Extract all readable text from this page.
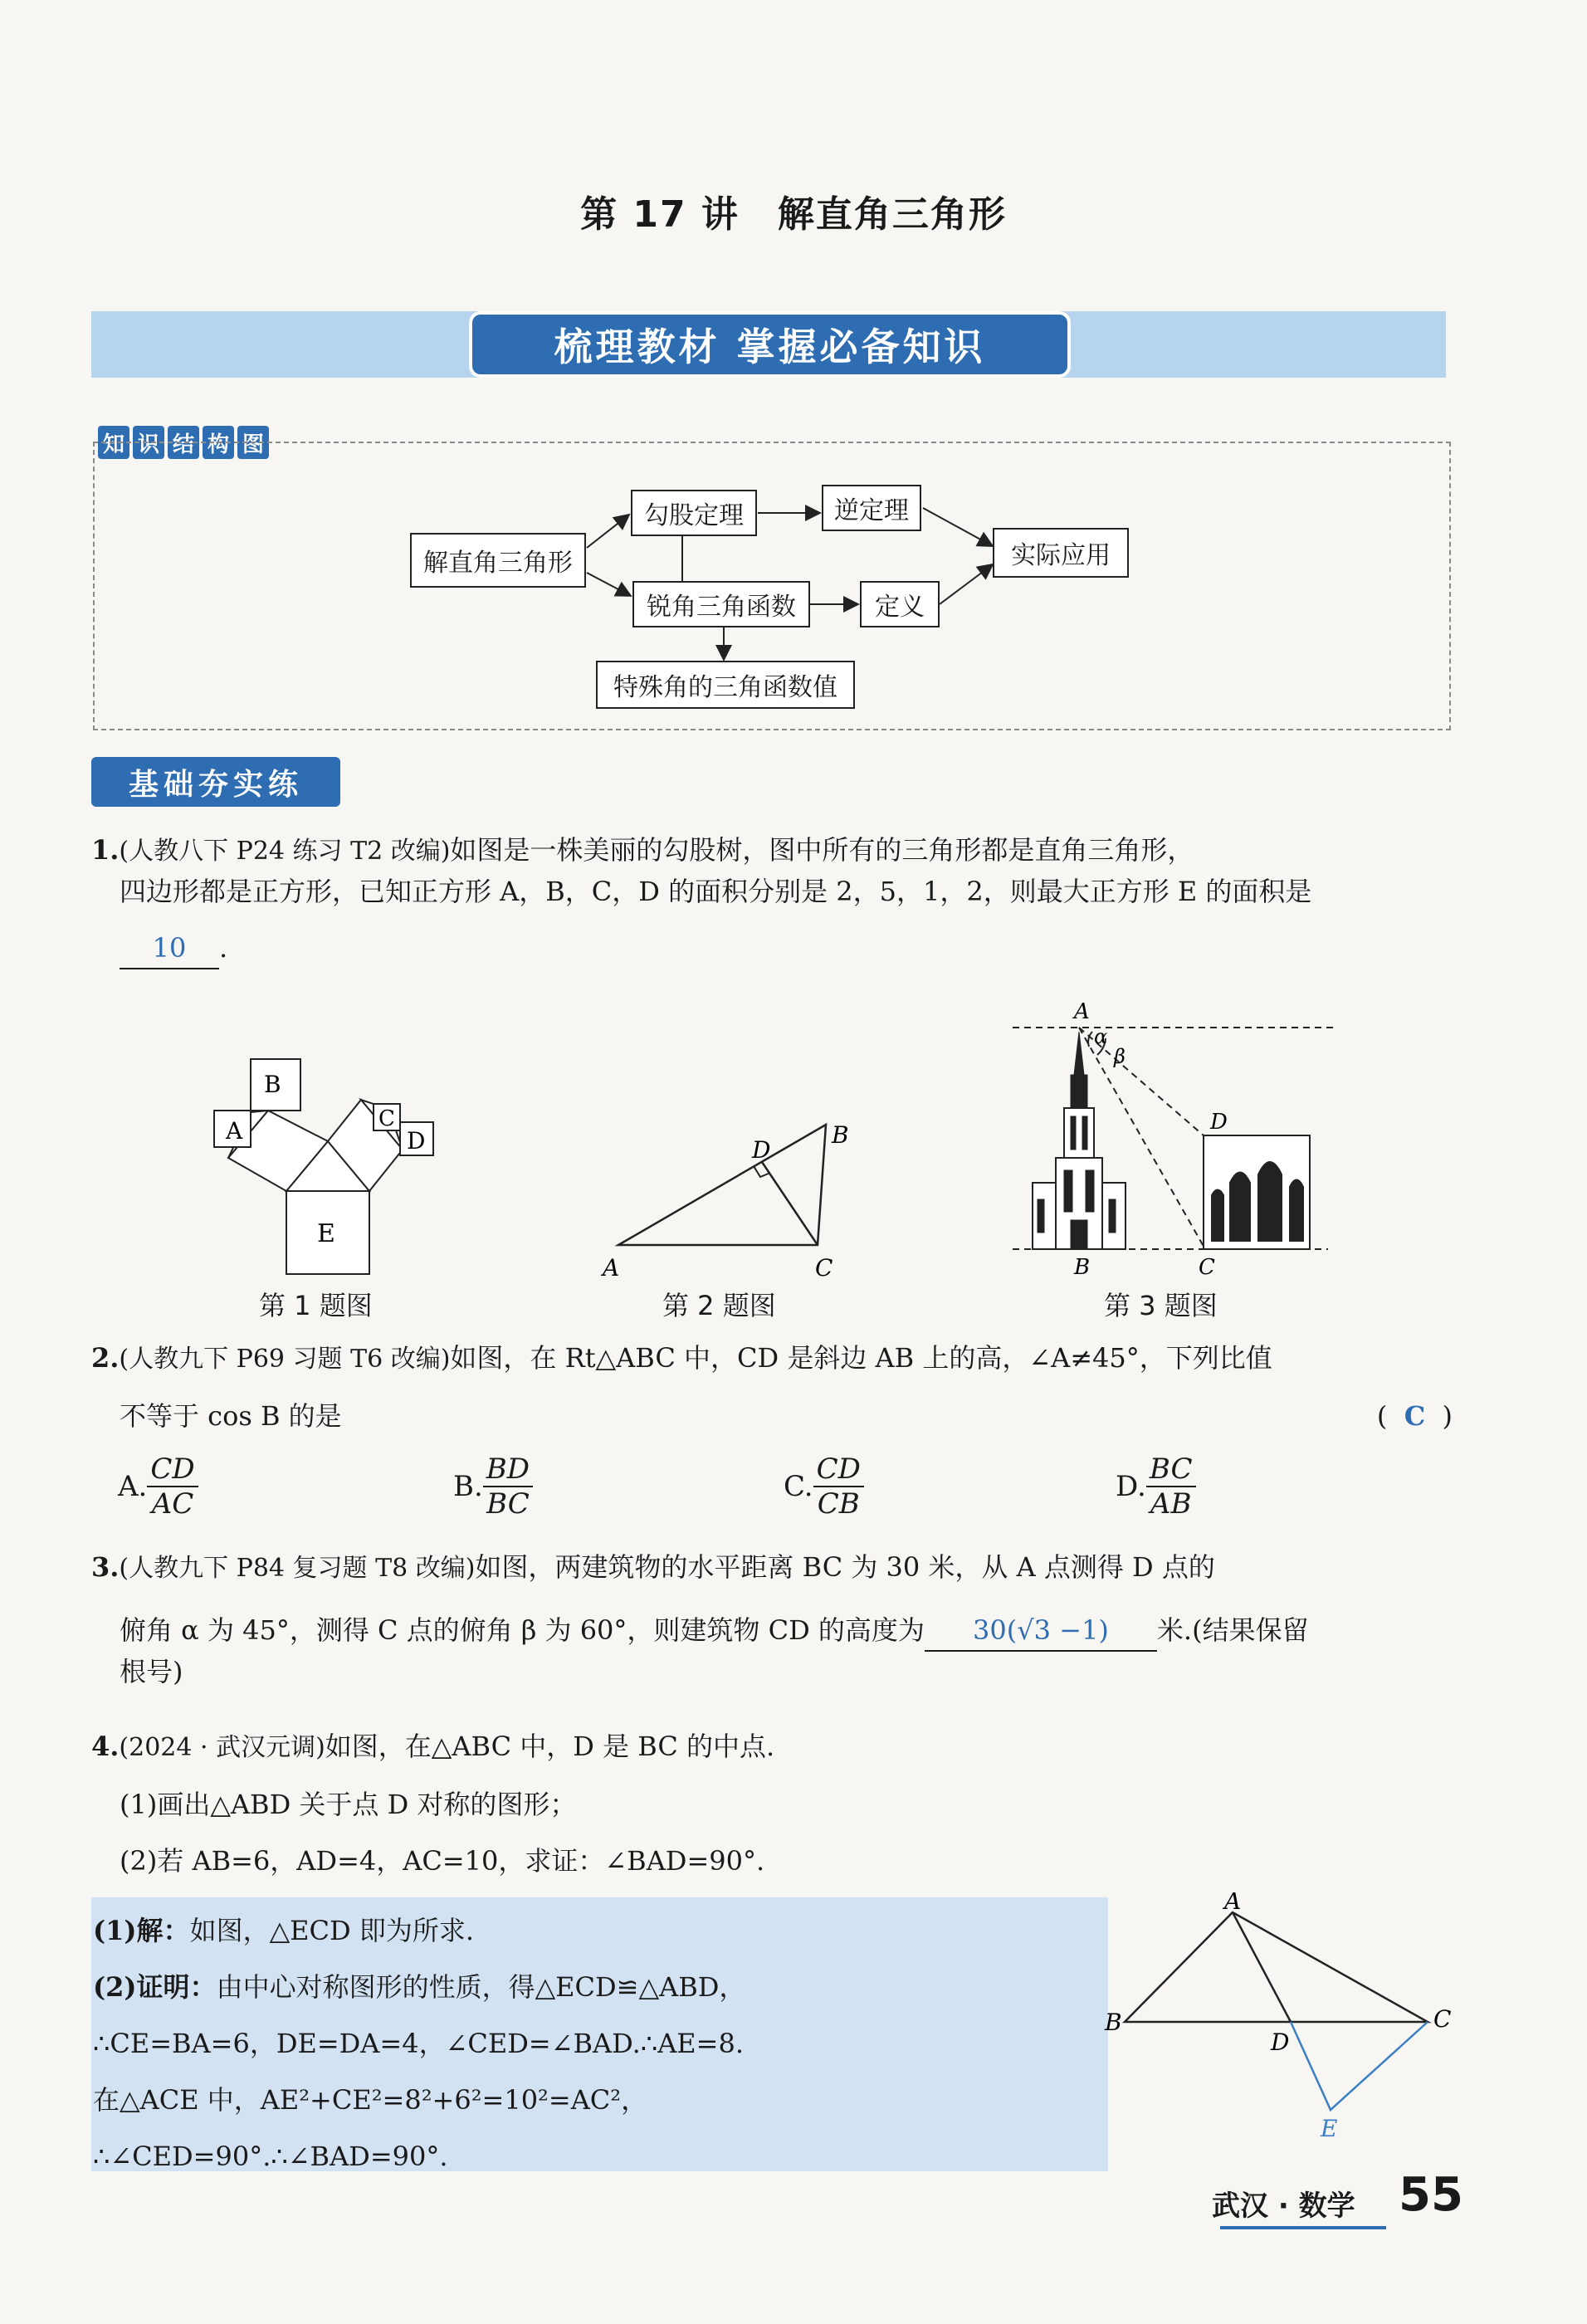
第 17 讲　解直角三角形
梳理教材 掌握必备知识
知 识 结 构 图
解直角三角形
勾股定理	逆定理
锐角三角函数	定义
特殊角的三角函数值
实际应用
基础夯实练
1.(人教八下 P24 练习 T2 改编)如图是一株美丽的勾股树，图中所有的三角形都是直角三角形，
四边形都是正方形，已知正方形 A，B，C，D 的面积分别是 2，5，1，2，则最大正方形 E 的面积是
10 .
A
B
C
D
E
第 1 题图
A
B
C
D
第 2 题图
A
α
β
D
B	C
第 3 题图
2.(人教九下 P69 习题 T6 改编)如图，在 Rt△ABC 中，CD 是斜边 AB 上的高，∠A≠45°，下列比值
不等于 cos B 的是	( C )
A. $\frac{CD}{AC}$	B. $\frac{BD}{BC}$	C. $\frac{CD}{CB}$	D. $\frac{BC}{AB}$
3.(人教九下 P84 复习题 T8 改编)如图，两建筑物的水平距离 BC 为 30 米，从 A 点测得 D 点的
俯角 α 为 45°，测得 C 点的俯角 β 为 60°，则建筑物 CD 的高度为 30(√3 −1) 米.(结果保留
根号)
4.(2024 · 武汉元调)如图，在△ABC 中，D 是 BC 的中点.
(1)画出△ABD 关于点 D 对称的图形；
(2)若 AB=6，AD=4，AC=10，求证：∠BAD=90°.
(1)解：如图，△ECD 即为所求.
(2)证明：由中心对称图形的性质，得△ECD≌△ABD，
∴CE=BA=6，DE=DA=4，∠CED=∠BAD.∴AE=8.
在△ACE 中，AE²+CE²=8²+6²=10²=AC²，
∴∠CED=90°.∴∠BAD=90°.
A
B	C
D
E
武汉 · 数学 55
